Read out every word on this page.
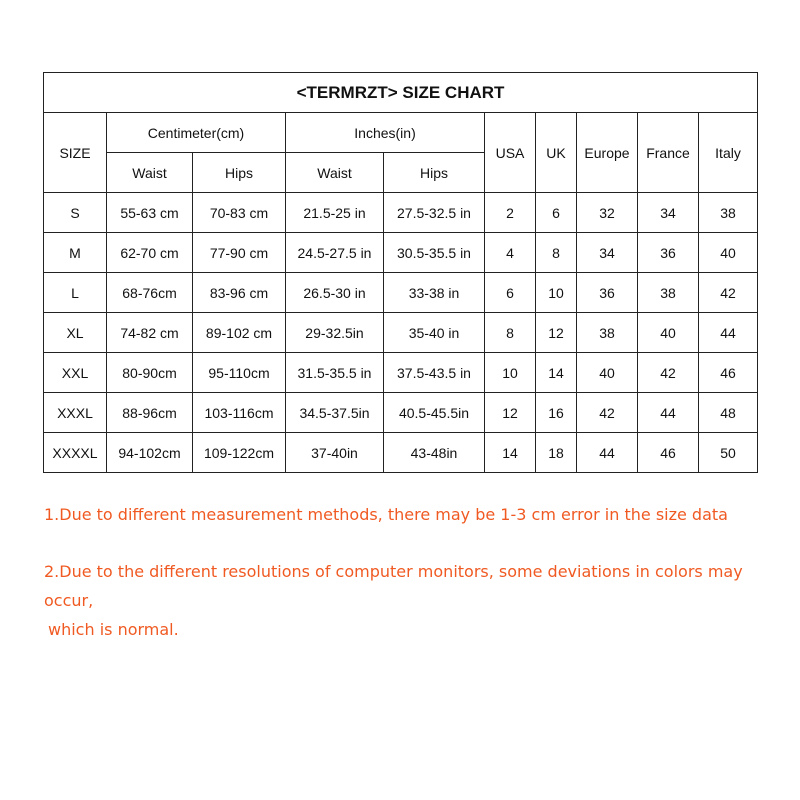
<TERMRZT> SIZE CHART									
SIZE	Centimeter(cm)		Inches(in)		USA	UK	Europe	France	Italy
	Waist	Hips	Waist	Hips					
S	55-63 cm	70-83 cm	21.5-25 in	27.5-32.5 in	2	6	32	34	38
M	62-70 cm	77-90 cm	24.5-27.5 in	30.5-35.5 in	4	8	34	36	40
L	68-76cm	83-96 cm	26.5-30 in	33-38 in	6	10	36	38	42
XL	74-82 cm	89-102 cm	29-32.5in	35-40 in	8	12	38	40	44
XXL	80-90cm	95-110cm	31.5-35.5 in	37.5-43.5 in	10	14	40	42	46
XXXL	88-96cm	103-116cm	34.5-37.5in	40.5-45.5in	12	16	42	44	48
XXXXL	94-102cm	109-122cm	37-40in	43-48in	14	18	44	46	50

1.Due to different measurement methods, there may be 1-3 cm error in the size data

2.Due to the different resolutions of computer monitors, some deviations in colors may occur,

which is normal.
